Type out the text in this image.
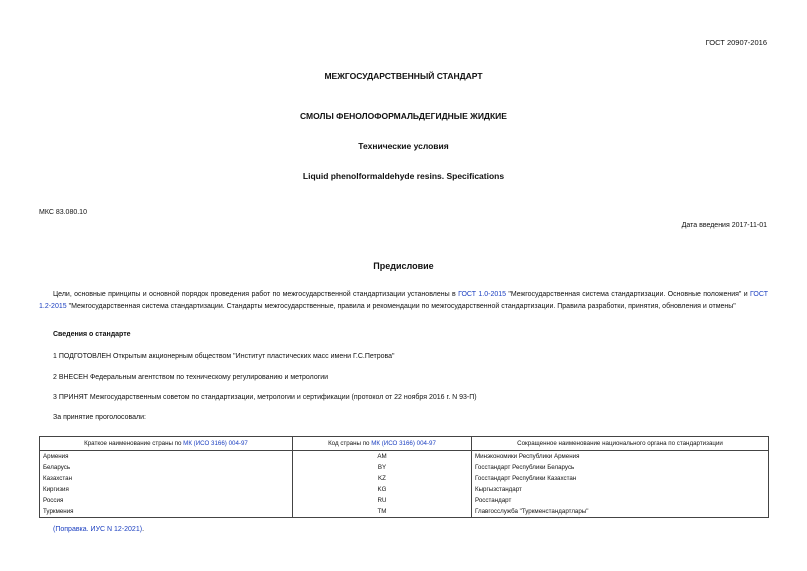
ГОСТ 20907-2016
МЕЖГОСУДАРСТВЕННЫЙ СТАНДАРТ
СМОЛЫ ФЕНОЛОФОРМАЛЬДЕГИДНЫЕ ЖИДКИЕ
Технические условия
Liquid phenolformaldehyde resins. Specifications
МКС 83.080.10
Дата введения 2017-11-01
Предисловие
Цели, основные принципы и основной порядок проведения работ по межгосударственной стандартизации установлены в ГОСТ 1.0-2015 "Межгосударственная система стандартизации. Основные положения" и ГОСТ 1.2-2015 "Межгосударственная система стандартизации. Стандарты межгосударственные, правила и рекомендации по межгосударственной стандартизации. Правила разработки, принятия, обновления и отмены"
Сведения о стандарте
1 ПОДГОТОВЛЕН Открытым акционерным обществом "Институт пластических масс имени Г.С.Петрова"
2 ВНЕСЕН Федеральным агентством по техническому регулированию и метрологии
3 ПРИНЯТ Межгосударственным советом по стандартизации, метрологии и сертификации (протокол от 22 ноября 2016 г. N 93-П)
За принятие проголосовали:
Краткое наименование страны по МК (ИСО 3166) 004-97	Код страны по МК (ИСО 3166) 004-97	Сокращенное наименование национального органа по стандартизации
Армения	AM	Минэкономики Республики Армения
Беларусь	BY	Госстандарт Республики Беларусь
Казахстан	KZ	Госстандарт Республики Казахстан
Киргизия	KG	Кыргызстандарт
Россия	RU	Росстандарт
Туркмения	TM	Главгосслужба "Туркменстандартлары"
(Поправка. ИУС N 12-2021).
